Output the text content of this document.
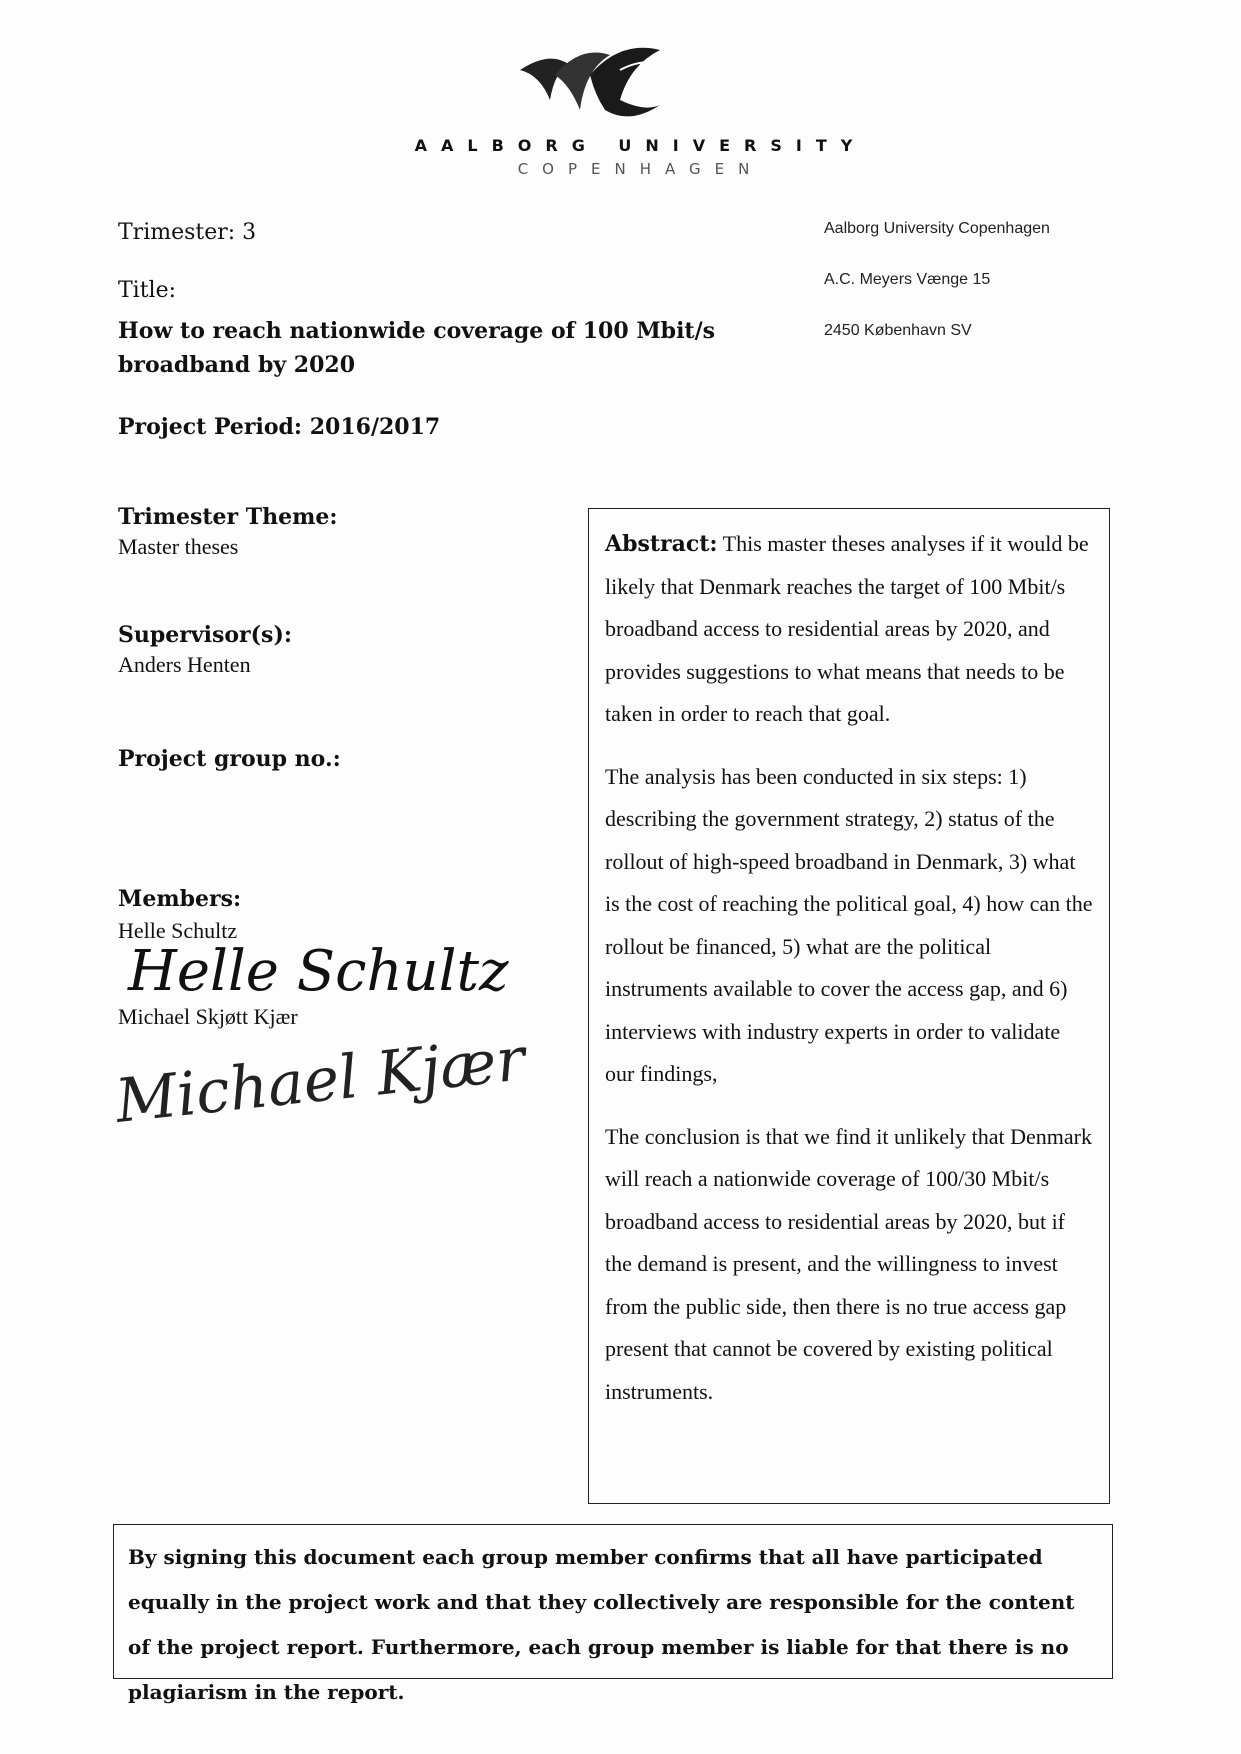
AALBORG UNIVERSITY
COPENHAGEN
Trimester: 3
Title:
How to reach nationwide coverage of 100 Mbit/s
broadband by 2020
Project Period: 2016/2017
Trimester Theme:
Master theses
Supervisor(s):
Anders Henten
Project group no.:
Members:
Helle Schultz
Helle Schultz
Michael Skjøtt Kjær
Michael Kjær
Aalborg University Copenhagen
A.C. Meyers Vænge 15
2450 København SV

Abstract: This master theses analyses if it would be likely that Denmark reaches the target of 100 Mbit/s broadband access to residential areas by 2020, and provides suggestions to what means that needs to be taken in order to reach that goal.

The analysis has been conducted in six steps: 1) describing the government strategy, 2) status of the rollout of high-speed broadband in Denmark, 3) what is the cost of reaching the political goal, 4) how can the rollout be financed, 5) what are the political instruments available to cover the access gap, and 6) interviews with industry experts in order to validate our findings,

The conclusion is that we find it unlikely that Denmark will reach a nationwide coverage of 100/30 Mbit/s broadband access to residential areas by 2020, but if the demand is present, and the willingness to invest from the public side, then there is no true access gap present that cannot be covered by existing political instruments.

By signing this document each group member confirms that all have participated equally in the project work and that they collectively are responsible for the content of the project report. Furthermore, each group member is liable for that there is no plagiarism in the report.
